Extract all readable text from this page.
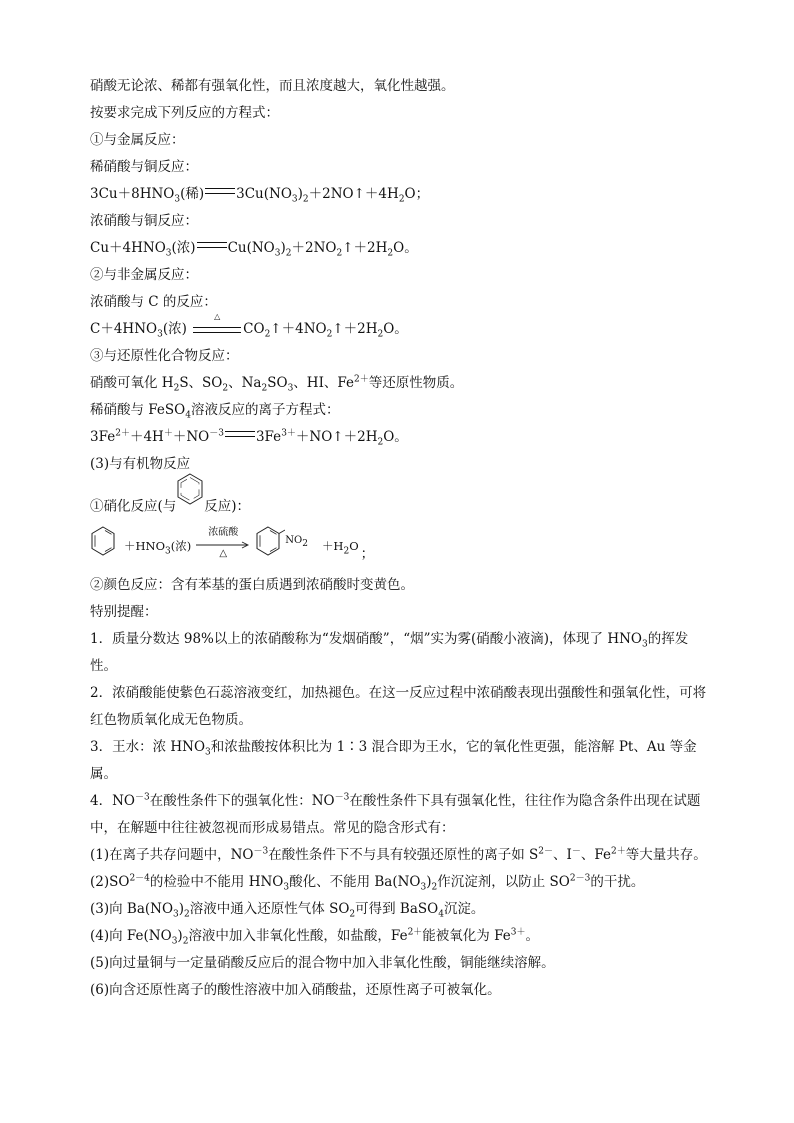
硝酸无论浓、稀都有强氧化性，而且浓度越大，氧化性越强。
按要求完成下列反应的方程式：
①与金属反应：
稀硝酸与铜反应：
$3Cu+8HNO_3$(稀) $3Cu(NO_3)_2+2NO↑+4H_2O$；
浓硝酸与铜反应：
$Cu+4HNO_3$(浓) $Cu(NO_3)_2+2NO_2↑+2H_2O$。
②与非金属反应：
浓硝酸与 C 的反应：
$C+4HNO_3$(浓)
△
$CO_2↑+4NO_2↑+2H_2O$。
③与还原性化合物反应：
硝酸可氧化 $H_2S$、$SO_2$、$Na_2SO_3$、HI、$Fe^{2+}$等还原性物质。
稀硝酸与 FeSO$_4$溶液反应的离子方程式：
$3Fe^{2+}+4H^++NO^{-3}$ $3Fe^{3+}+NO↑+2H_2O$。
(3)与有机物反应
①硝化反应(与 反应)：
$+HNO_3$(浓)
浓硫酸
△
$NO_2 +H_2O$ ；
②颜色反应：含有苯基的蛋白质遇到浓硝酸时变黄色。
特别提醒：
1．质量分数达 98%以上的浓硝酸称为“发烟硝酸”，“烟”实为雾(硝酸小液滴)，体现了 $HNO_3$的挥发性。
2．浓硝酸能使紫色石蕊溶液变红，加热褪色。在这一反应过程中浓硝酸表现出强酸性和强氧化性，可将红色物质氧化成无色物质。
3．王水：浓 $HNO_3$和浓盐酸按体积比为 1∶3 混合即为王水，它的氧化性更强，能溶解 Pt、Au 等金属。
4．$NO^{-3}$在酸性条件下的强氧化性：$NO^{-3}$在酸性条件下具有强氧化性，往往作为隐含条件出现在试题中，在解题中往往被忽视而形成易错点。常见的隐含形式有：
(1)在离子共存问题中，$NO^{-3}$在酸性条件下不与具有较强还原性的离子如 $S^{2-}$、I－、$Fe^{2+}$等大量共存。
$(2)SO^{2-4}$的检验中不能用 $HNO_3$酸化、不能用 $Ba(NO_3)_2$作沉淀剂，以防止 $SO^{2-3}$的干扰。
(3)向 $Ba(NO_3)_2$溶液中通入还原性气体 $SO_2$可得到 BaSO$_4$沉淀。
(4)向 $Fe(NO_3)_2$溶液中加入非氧化性酸，如盐酸，$Fe^{2+}$能被氧化为 $Fe^{3+}$。
(5)向过量铜与一定量硝酸反应后的混合物中加入非氧化性酸，铜能继续溶解。
(6)向含还原性离子的酸性溶液中加入硝酸盐，还原性离子可被氧化。
